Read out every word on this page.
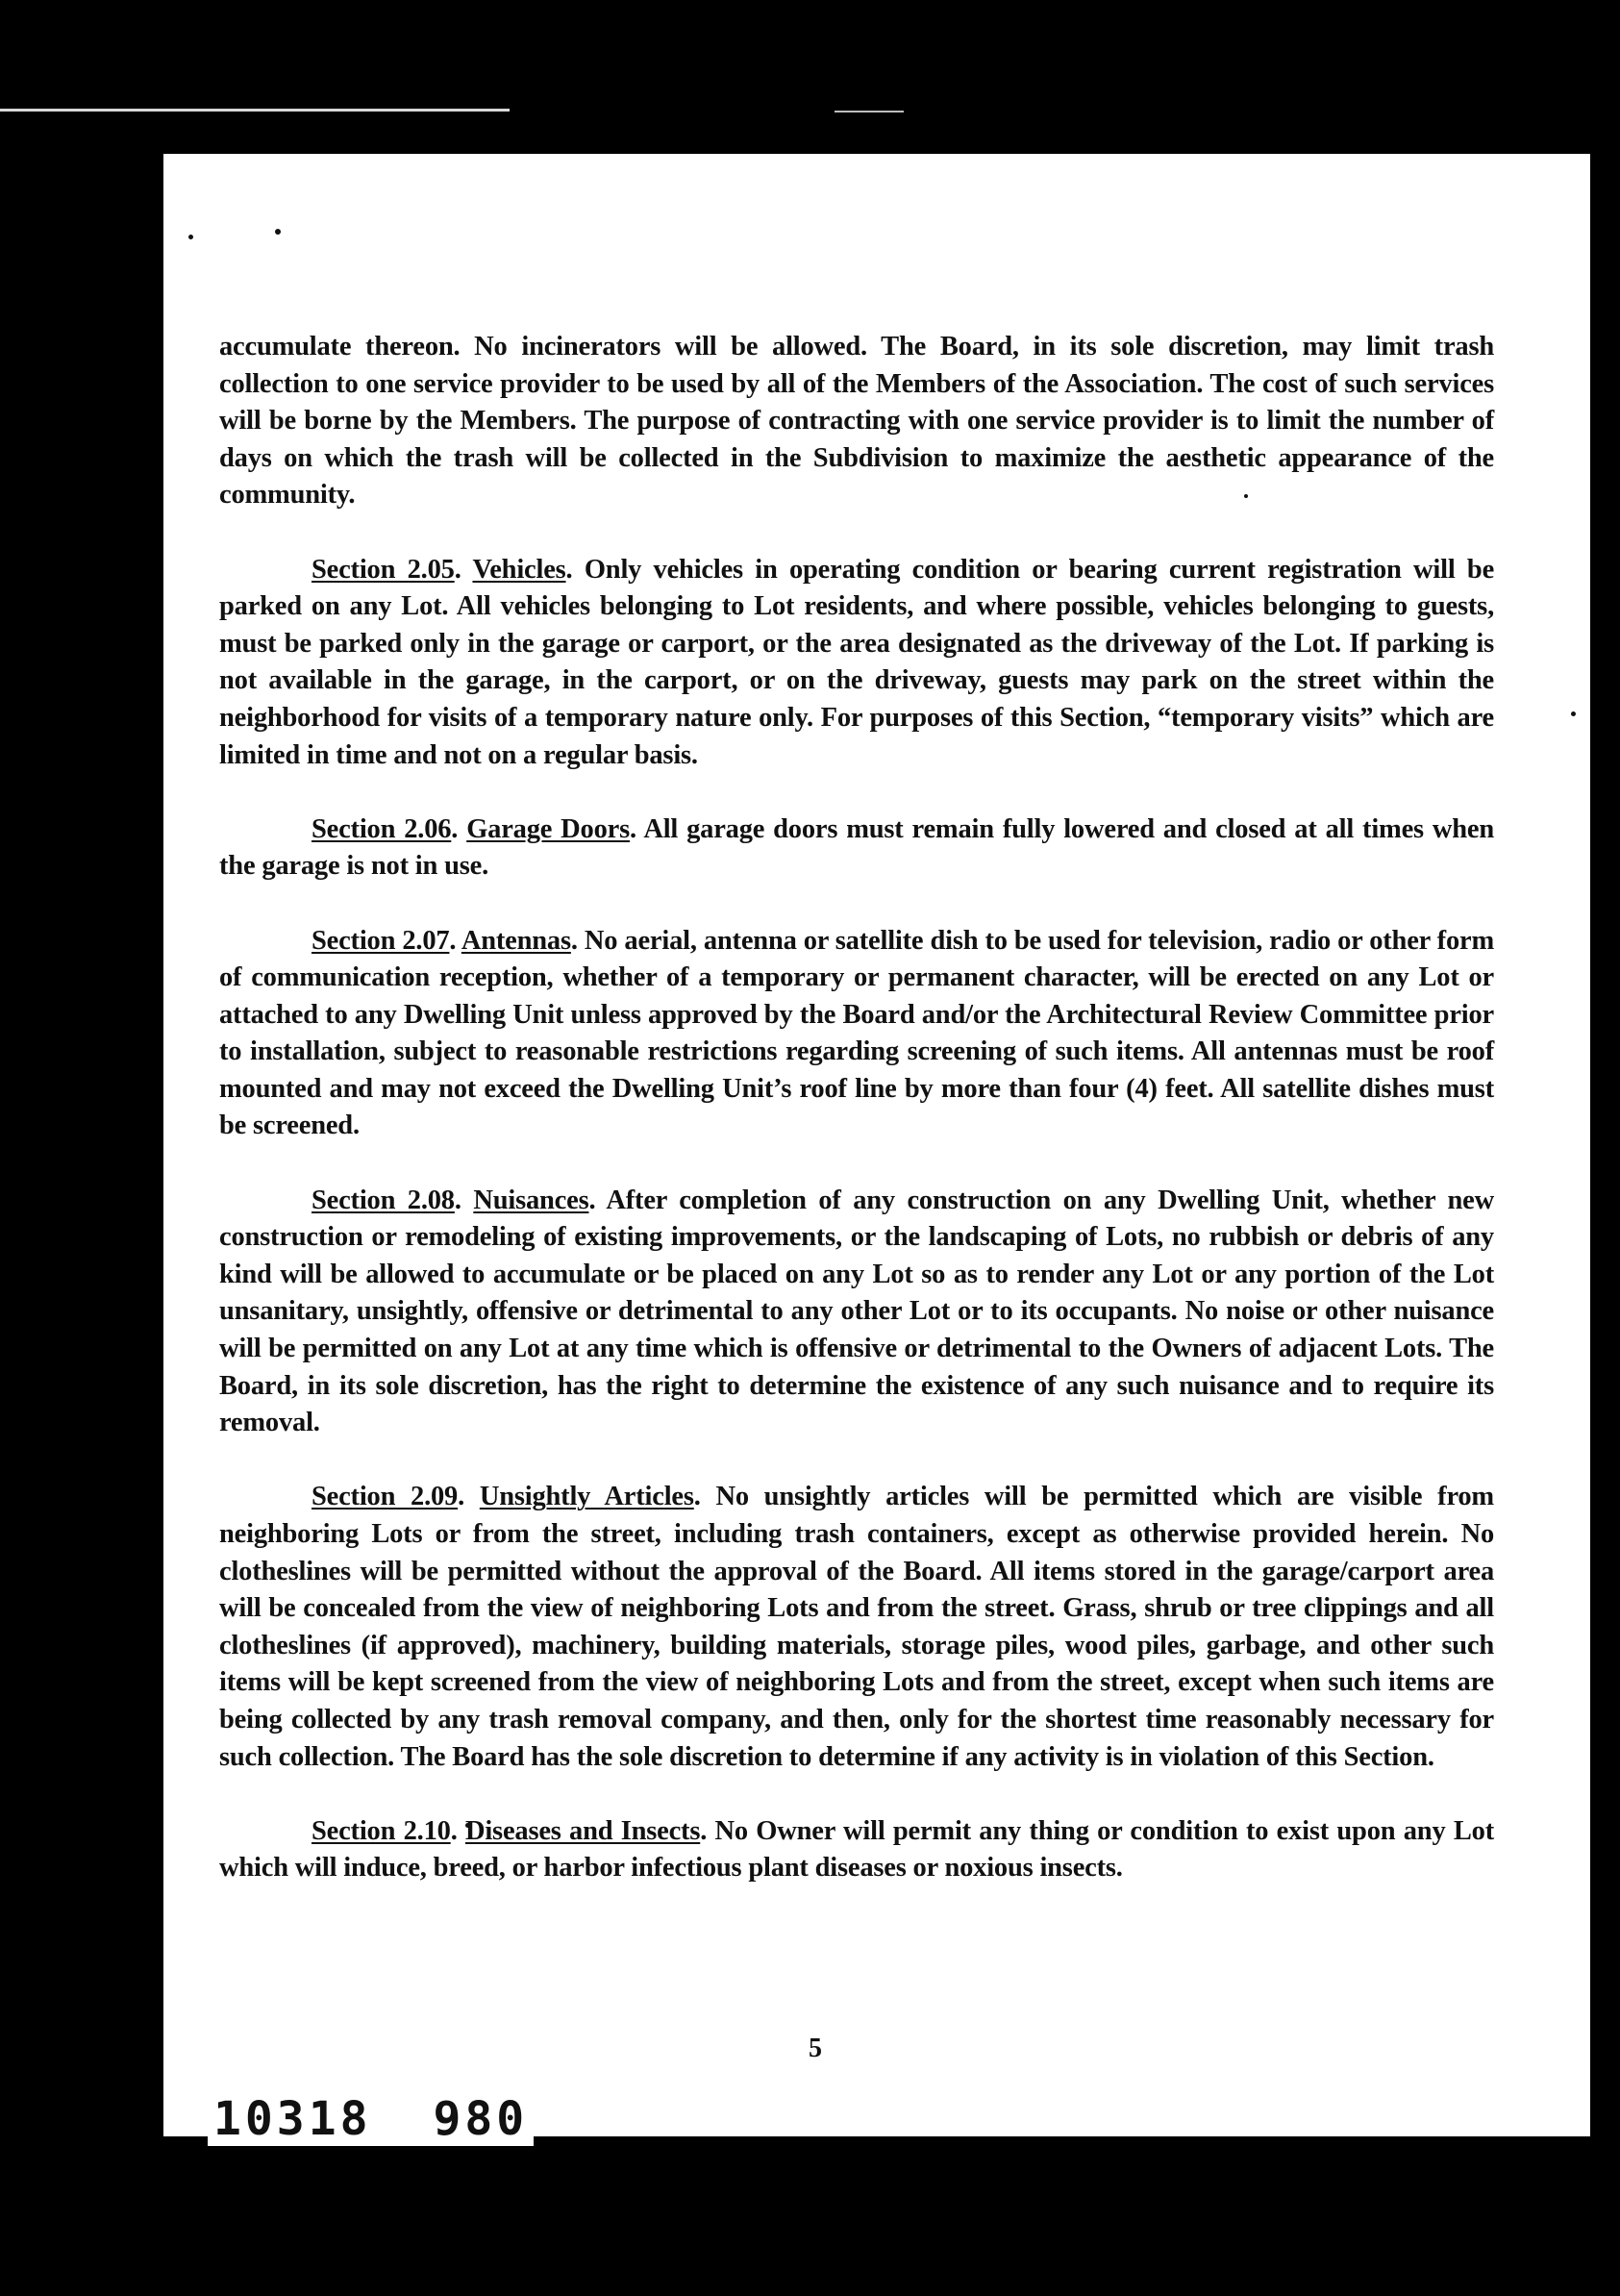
accumulate thereon. No incinerators will be allowed. The Board, in its sole discretion, may limit trash collection to one service provider to be used by all of the Members of the Association. The cost of such services will be borne by the Members. The purpose of contracting with one service provider is to limit the number of days on which the trash will be collected in the Subdivision to maximize the aesthetic appearance of the community.

Section 2.05. Vehicles. Only vehicles in operating condition or bearing current registration will be parked on any Lot. All vehicles belonging to Lot residents, and where possible, vehicles belonging to guests, must be parked only in the garage or carport, or the area designated as the driveway of the Lot. If parking is not available in the garage, in the carport, or on the driveway, guests may park on the street within the neighborhood for visits of a temporary nature only. For purposes of this Section, “temporary visits” which are limited in time and not on a regular basis.

Section 2.06. Garage Doors. All garage doors must remain fully lowered and closed at all times when the garage is not in use.

Section 2.07. Antennas. No aerial, antenna or satellite dish to be used for television, radio or other form of communication reception, whether of a temporary or permanent character, will be erected on any Lot or attached to any Dwelling Unit unless approved by the Board and/or the Architectural Review Committee prior to installation, subject to reasonable restrictions regarding screening of such items. All antennas must be roof mounted and may not exceed the Dwelling Unit’s roof line by more than four (4) feet. All satellite dishes must be screened.

Section 2.08. Nuisances. After completion of any construction on any Dwelling Unit, whether new construction or remodeling of existing improvements, or the landscaping of Lots, no rubbish or debris of any kind will be allowed to accumulate or be placed on any Lot so as to render any Lot or any portion of the Lot unsanitary, unsightly, offensive or detrimental to any other Lot or to its occupants. No noise or other nuisance will be permitted on any Lot at any time which is offensive or detrimental to the Owners of adjacent Lots. The Board, in its sole discretion, has the right to determine the existence of any such nuisance and to require its removal.

Section 2.09. Unsightly Articles. No unsightly articles will be permitted which are visible from neighboring Lots or from the street, including trash containers, except as otherwise provided herein. No clotheslines will be permitted without the approval of the Board. All items stored in the garage/carport area will be concealed from the view of neighboring Lots and from the street. Grass, shrub or tree clippings and all clotheslines (if approved), machinery, building materials, storage piles, wood piles, garbage, and other such items will be kept screened from the view of neighboring Lots and from the street, except when such items are being collected by any trash removal company, and then, only for the shortest time reasonably necessary for such collection. The Board has the sole discretion to determine if any activity is in violation of this Section.

Section 2.10. Diseases and Insects. No Owner will permit any thing or condition to exist upon any Lot which will induce, breed, or harbor infectious plant diseases or noxious insects.

5
10318 980
